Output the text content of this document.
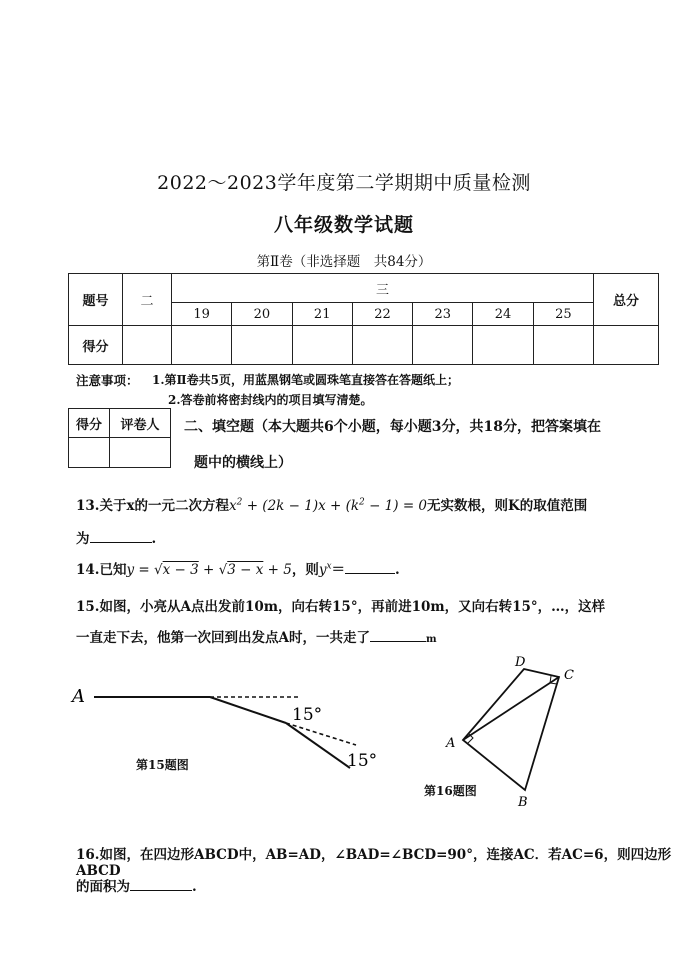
2022～2023学年度第二学期期中质量检测
八年级数学试题
第Ⅱ卷（非选择题　共84分）
题号	二	三							总分
		19	20	21	22	23	24	25	
得分									
注意事项： 1.第Ⅱ卷共5页，用蓝黑钢笔或圆珠笔直接答在答题纸上；
2.答卷前将密封线内的项目填写清楚。
得分	评卷人
	二、填空题（本大题共6个小题，每小题3分，共18分，把答案填在
题中的横线上）
13.关于x的一元二次方程$x^2 + (2k - 1)x + (k^2 - 1) = 0$无实数根，则K的取值范围
为	.
14.已知y = √x − 3 + √3 − x + 5，则$y^x=$	.
15.如图，小亮从A点出发前10m，向右转15°，再前进10m，又向右转15°，…，这样
一直走下去，他第一次回到出发点A时，一共走了	m
A
15°
15°
第15题图
A
D
C
B
第16题图
16.如图，在四边形ABCD中，AB=AD，∠BAD=∠BCD=90°，连接AC．若AC=6，则四边形ABCD
的面积为	.
